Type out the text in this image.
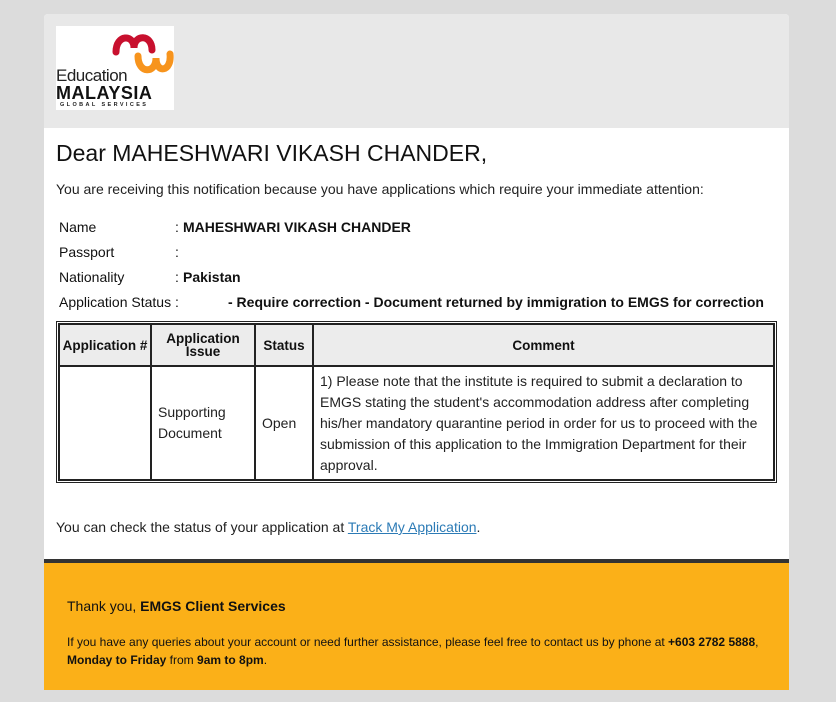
Education
MALAYSIA
GLOBAL SERVICES
Dear MAHESHWARI VIKASH CHANDER,
You are receiving this notification because you have applications which require your immediate attention:
Name	: MAHESHWARI VIKASH CHANDER
Passport	:
Nationality	: Pakistan
Application Status :	- Require correction - Document returned by immigration to EMGS for correction
Application #	Application Issue	Status	Comment
	Supporting Document	Open	1) Please note that the institute is required to submit a declaration to EMGS stating the student's accommodation address after completing his/her mandatory quarantine period in order for us to proceed with the submission of this application to the Immigration Department for their approval.
You can check the status of your application at Track My Application.
Thank you, EMGS Client Services
If you have any queries about your account or need further assistance, please feel free to contact us by phone at +603 2782 5888, Monday to Friday from 9am to 8pm.
